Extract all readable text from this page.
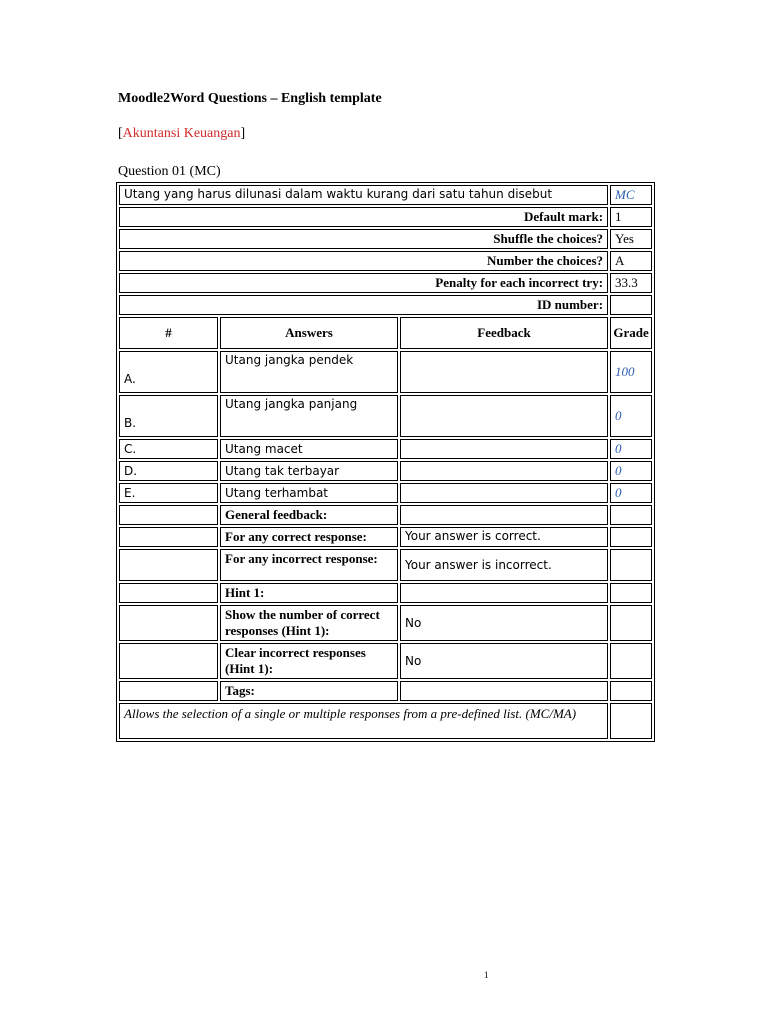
Moodle2Word Questions – English template
[Akuntansi Keuangan]
Question 01 (MC)
Utang yang harus dilunasi dalam waktu kurang dari satu tahun disebut			MC
Default mark:			1
Shuffle the choices?			Yes
Number the choices?			A
Penalty for each incorrect try:			33.3
ID number:			
#	Answers	Feedback	Grade
A.	Utang jangka pendek		100
B.	Utang jangka panjang		0
C.	Utang macet		0
D.	Utang tak terbayar		0
E.	Utang terhambat		0
	General feedback:		
	For any correct response:	Your answer is correct.	
	For any incorrect response:	Your answer is incorrect.	
	Hint 1:		
	Show the number of correct responses (Hint 1):	No	
	Clear incorrect responses (Hint 1):	No	
	Tags:		
Allows the selection of a single or multiple responses from a pre-defined list. (MC/MA)			
1
